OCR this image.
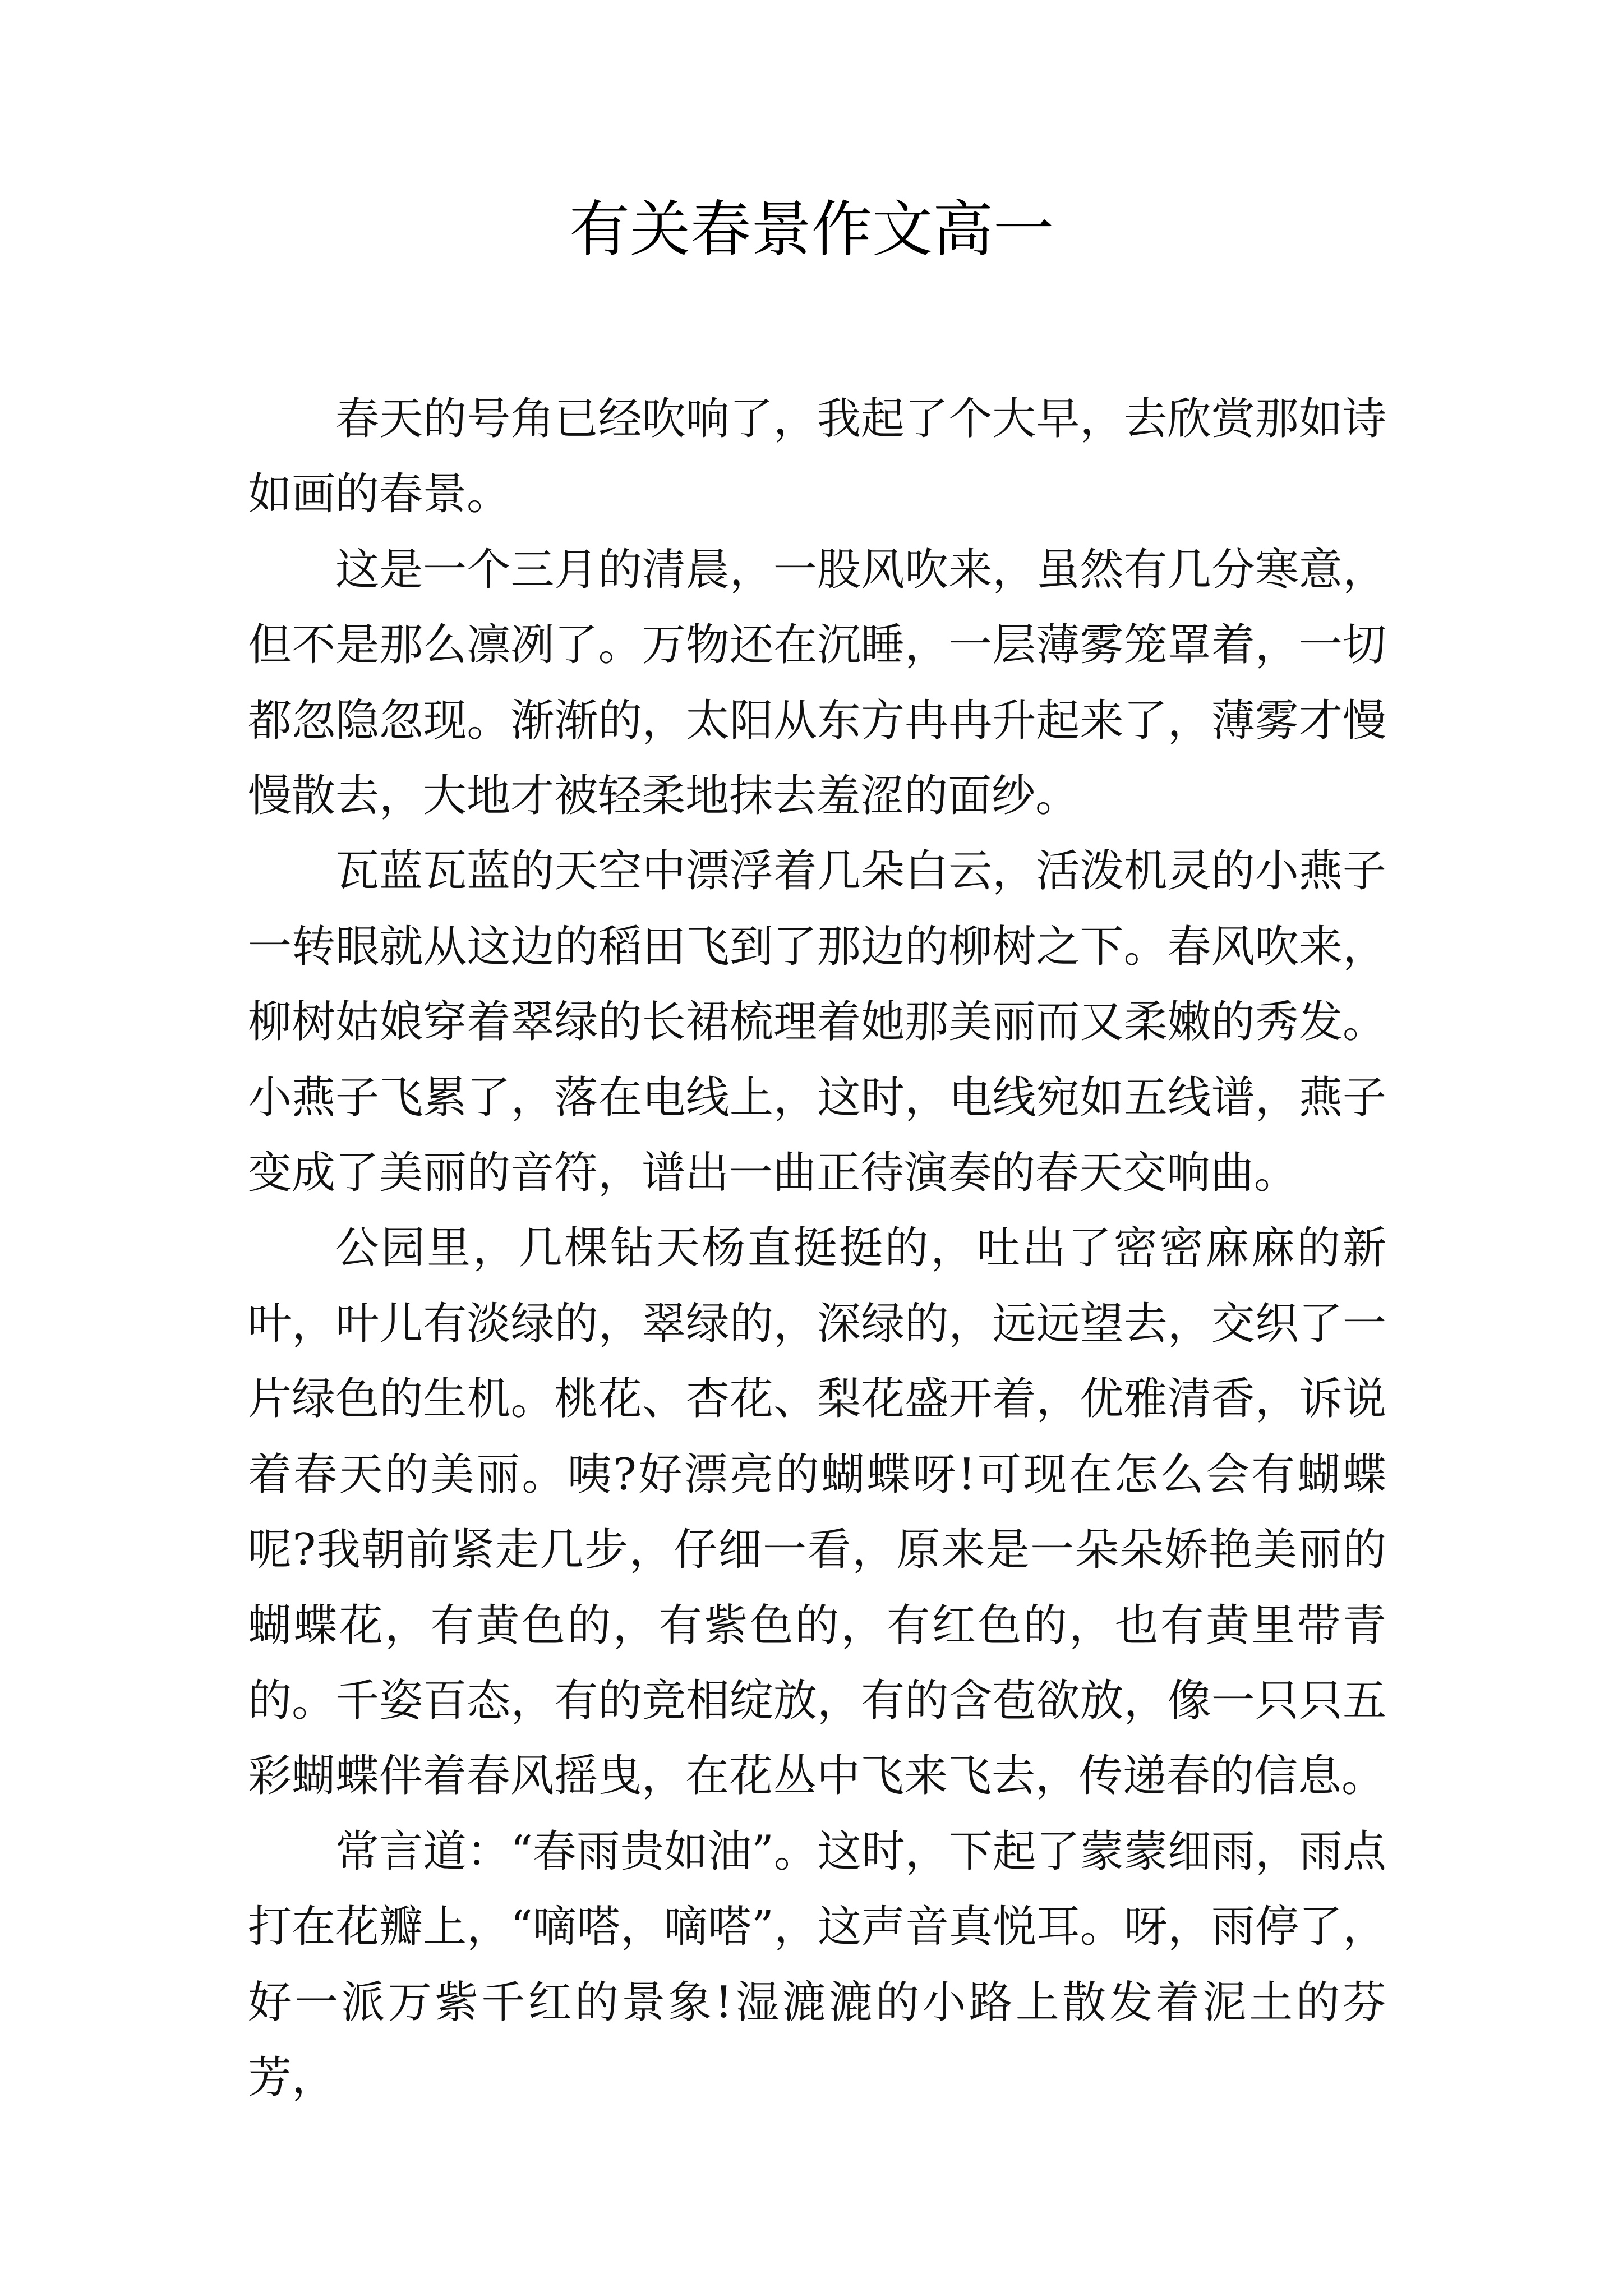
有关春景作文高一

春天的号角已经吹响了，我起了个大早，去欣赏那如诗如画的春景。

这是一个三月的清晨，一股风吹来，虽然有几分寒意，但不是那么凛冽了。万物还在沉睡，一层薄雾笼罩着，一切都忽隐忽现。渐渐的，太阳从东方冉冉升起来了，薄雾才慢慢散去，大地才被轻柔地抹去羞涩的面纱。

瓦蓝瓦蓝的天空中漂浮着几朵白云，活泼机灵的小燕子一转眼就从这边的稻田飞到了那边的柳树之下。春风吹来，柳树姑娘穿着翠绿的长裙梳理着她那美丽而又柔嫩的秀发。小燕子飞累了，落在电线上，这时，电线宛如五线谱，燕子变成了美丽的音符，谱出一曲正待演奏的春天交响曲。

公园里，几棵钻天杨直挺挺的，吐出了密密麻麻的新叶，叶儿有淡绿的，翠绿的，深绿的，远远望去，交织了一片绿色的生机。桃花、杏花、梨花盛开着，优雅清香，诉说着春天的美丽。咦?好漂亮的蝴蝶呀!可现在怎么会有蝴蝶呢?我朝前紧走几步，仔细一看，原来是一朵朵娇艳美丽的蝴蝶花，有黄色的，有紫色的，有红色的，也有黄里带青的。千姿百态，有的竞相绽放，有的含苞欲放，像一只只五彩蝴蝶伴着春风摇曳，在花丛中飞来飞去，传递春的信息。

常言道：“春雨贵如油”。这时，下起了蒙蒙细雨，雨点打在花瓣上，“嘀嗒，嘀嗒”，这声音真悦耳。呀，雨停了，好一派万紫千红的景象!湿漉漉的小路上散发着泥土的芬芳，
